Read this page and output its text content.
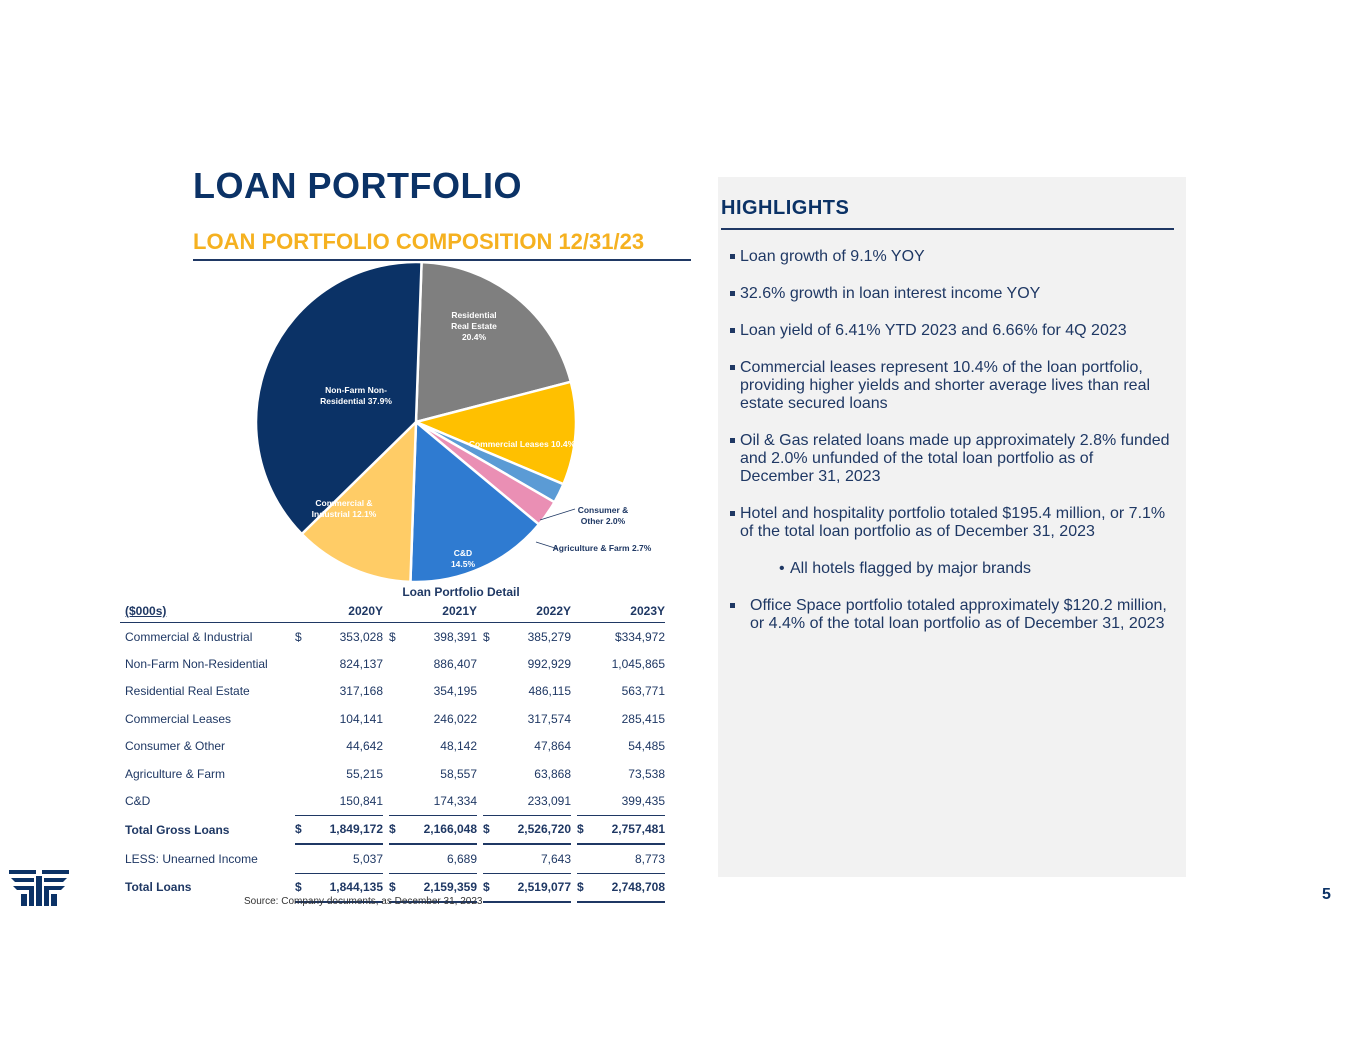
LOAN PORTFOLIO
LOAN PORTFOLIO COMPOSITION 12/31/23
Residential Real Estate 20.4%
Commercial Leases 10.4%
Consumer & Other 2.0%
Agriculture & Farm 2.7%
C&D 14.5%
Commercial & Industrial 12.1%
Non-Farm Non-Residential 37.9%
Loan Portfolio Detail
($000s)		2020Y			2021Y			2022Y			2023Y
Commercial & Industrial	$	353,028		$	398,391		$	385,279			$334,972
Non-Farm Non-Residential		824,137			886,407			992,929			1,045,865
Residential Real Estate		317,168			354,195			486,115			563,771
Commercial Leases		104,141			246,022			317,574			285,415
Consumer & Other		44,642			48,142			47,864			54,485
Agriculture & Farm		55,215			58,557			63,868			73,538
C&D		150,841			174,334			233,091			399,435
Total Gross Loans	$	1,849,172		$	2,166,048		$	2,526,720		$	2,757,481
LESS: Unearned Income		5,037			6,689			7,643			8,773
Total Loans	$	1,844,135		$	2,159,359		$	2,519,077		$	2,748,708
Source: Company documents, as December 31, 2023
HIGHLIGHTS
Loan growth of 9.1% YOY
32.6% growth in loan interest income YOY
Loan yield of 6.41% YTD 2023 and 6.66% for 4Q 2023
Commercial leases represent 10.4% of the loan portfolio, providing higher yields and shorter average lives than real estate secured loans
Oil & Gas related loans made up approximately 2.8% funded and 2.0% unfunded of the total loan portfolio as of December 31, 2023
Hotel and hospitality portfolio totaled $195.4 million, or 7.1% of the total loan portfolio as of December 31, 2023
• All hotels flagged by major brands
Office Space portfolio totaled approximately $120.2 million, or 4.4% of the total loan portfolio as of December 31, 2023
5
